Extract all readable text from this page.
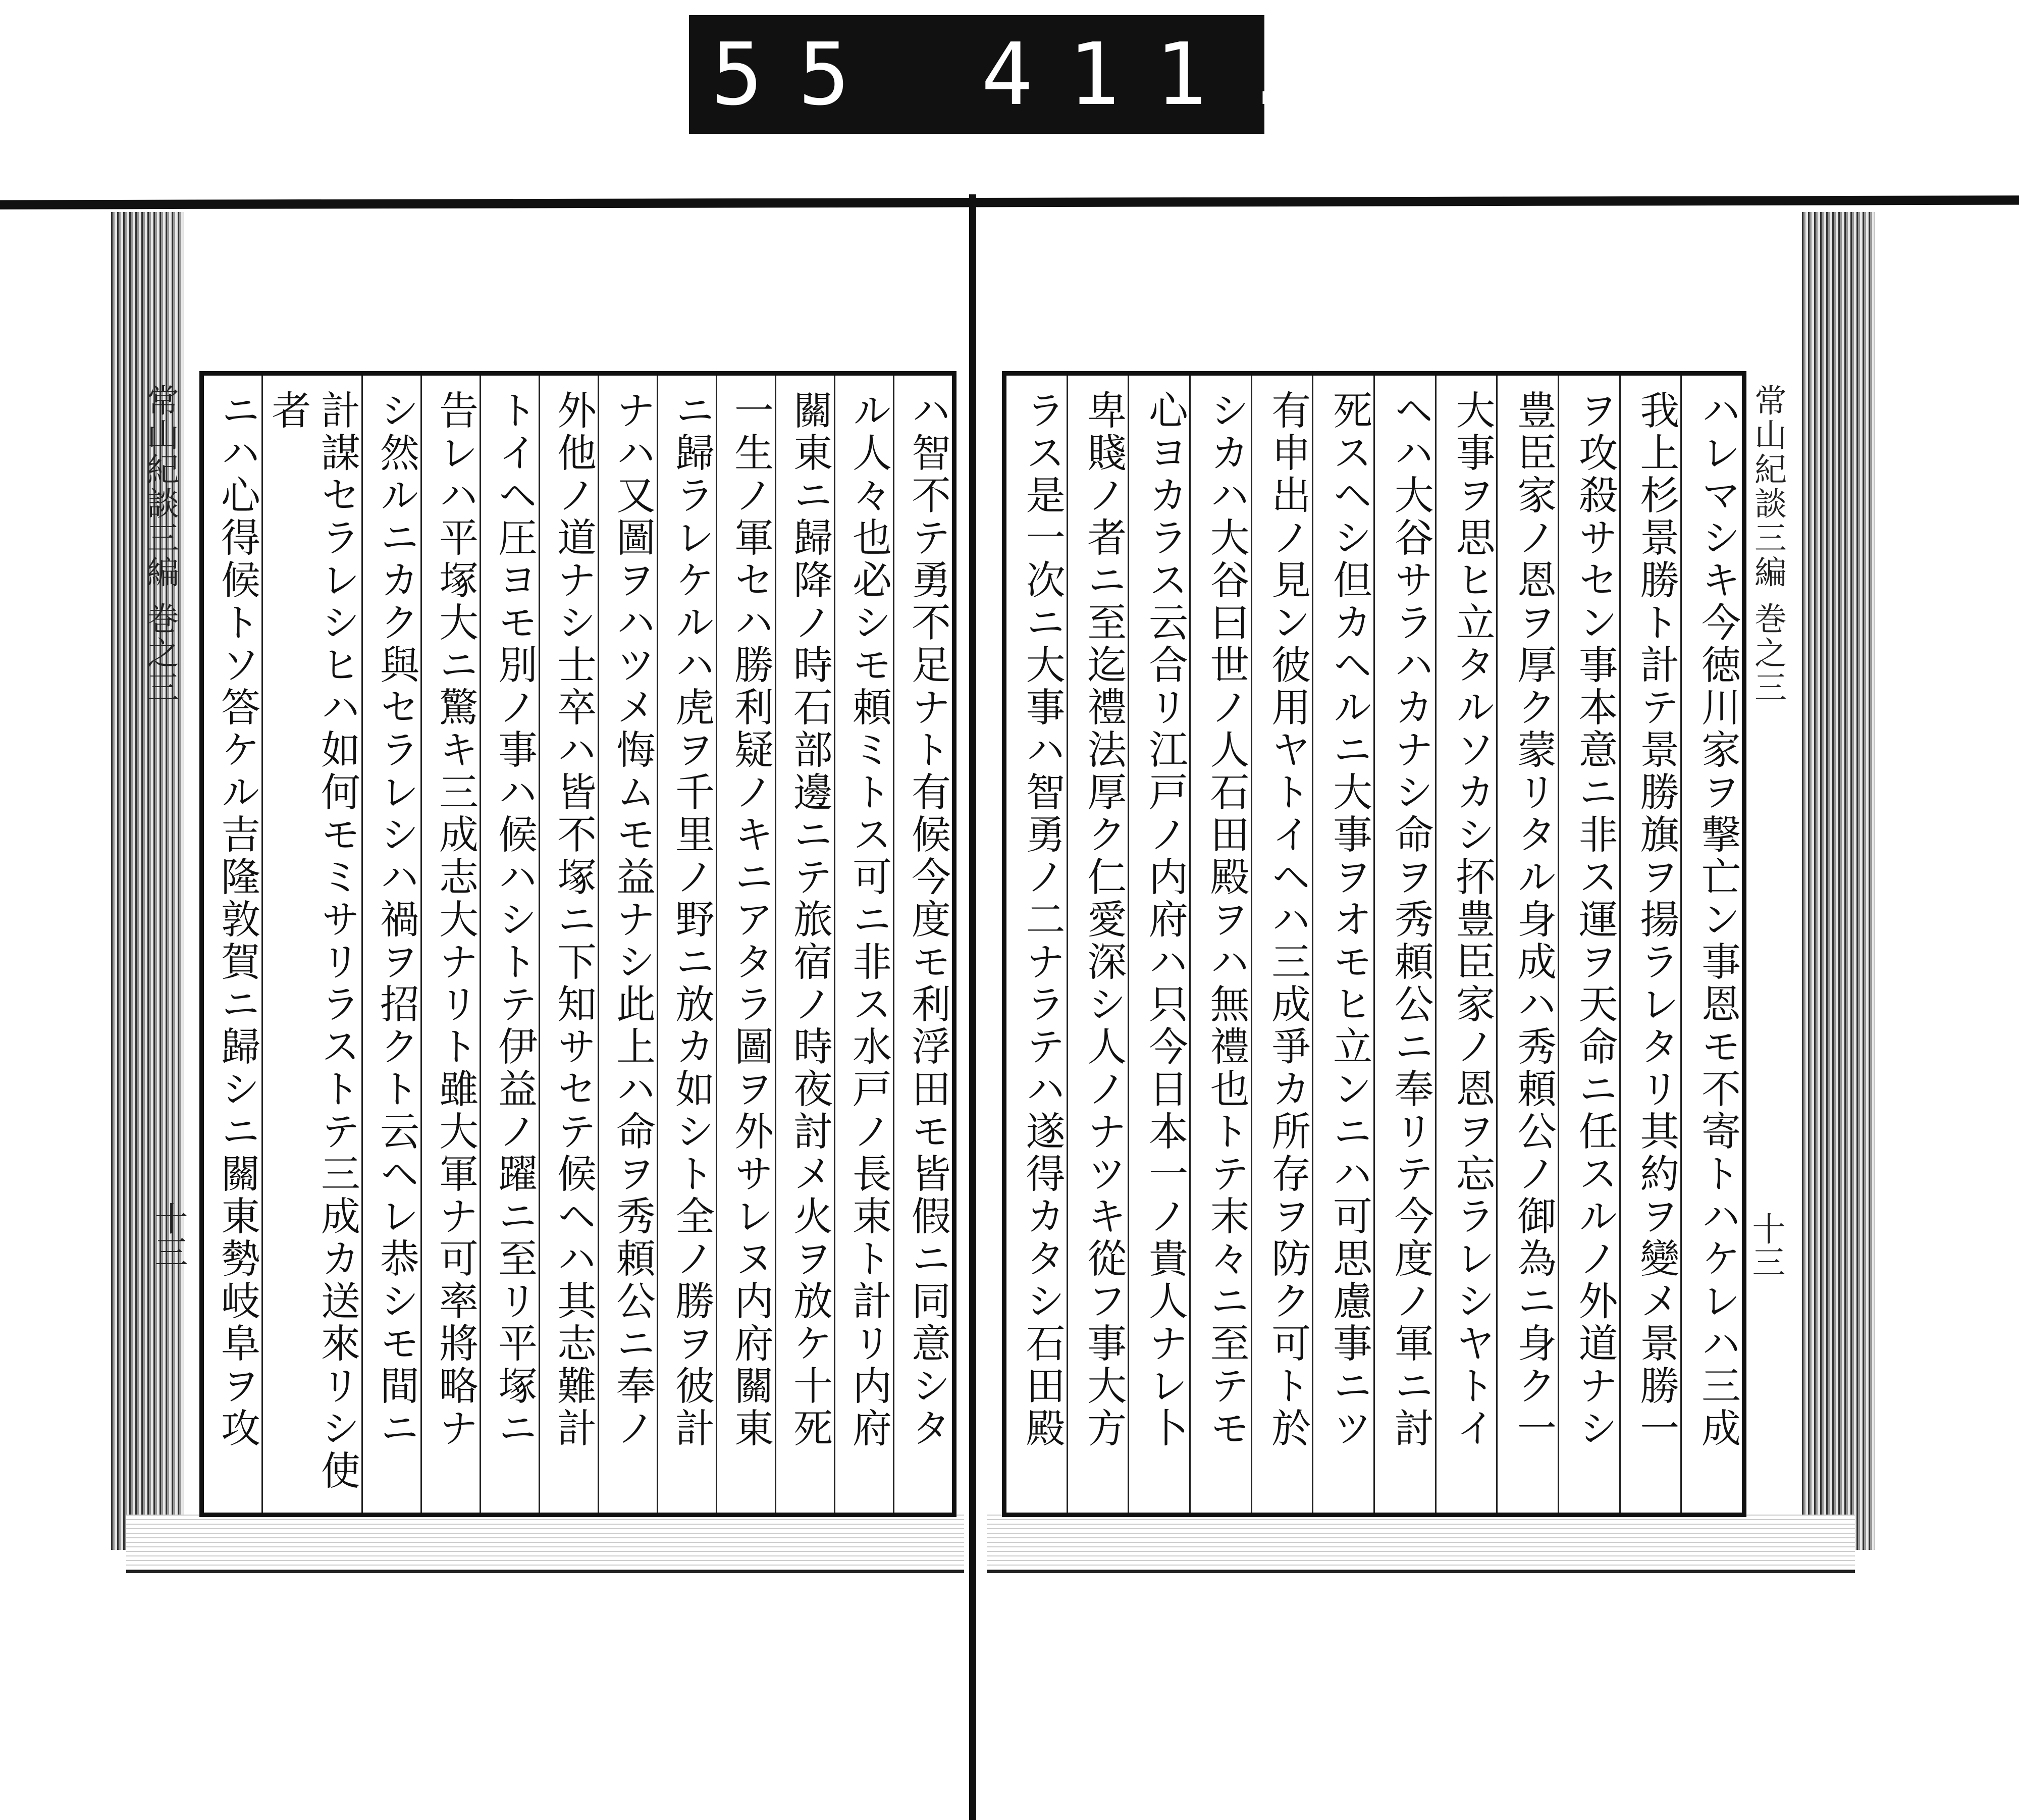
455 411.
常山紀談三編 巻之三
十三
常山紀談三編 巻之三
十三	ハレマシキ今徳川家ヲ撃亡ン事恩モ不寄トハケレハ三成
我上杉景勝ト計テ景勝旗ヲ揚ラレタリ其約ヲ變メ景勝一
ヲ攻殺サセン事本意ニ非ス運ヲ天命ニ任スルノ外道ナシ
豊臣家ノ恩ヲ厚ク蒙リタル身成ハ秀頼公ノ御為ニ身ク一
大事ヲ思ヒ立タルソカシ抔豊臣家ノ恩ヲ忘ラレシヤトイ
ヘハ大谷サラハカナシ命ヲ秀頼公ニ奉リテ今度ノ軍ニ討
死スヘシ但カヘルニ大事ヲオモヒ立ンニハ可思慮事ニツ
有申出ノ見ン彼用ヤトイヘハ三成爭カ所存ヲ防ク可ト於
シカハ大谷曰世ノ人石田殿ヲハ無禮也トテ末々ニ至テモ
心ヨカラス云合リ江戸ノ内府ハ只今日本一ノ貴人ナレ卜
卑賤ノ者ニ至迄禮法厚ク仁愛深シ人ノナツキ從フ事大方
ラス是一次ニ大事ハ智勇ノ二ナラテハ遂得カタシ石田殿
ハ智不テ勇不足ナト有候今度モ利浮田モ皆假ニ同意シタ
ル人々也必シモ頼ミトス可ニ非ス水戸ノ長束ト計リ内府
關東ニ歸降ノ時石部邊ニテ旅宿ノ時夜討メ火ヲ放ケ十死
一生ノ軍セハ勝利疑ノキニアタラ圖ヲ外サレヌ内府關東
ニ歸ラレケルハ虎ヲ千里ノ野ニ放カ如シト全ノ勝ヲ彼計
ナハ又圖ヲハツメ悔ムモ益ナシ此上ハ命ヲ秀頼公ニ奉ノ
外他ノ道ナシ士卒ハ皆不塚ニ下知サセテ候ヘハ其志難計
トイヘ圧ヨモ別ノ事ハ候ハシトテ伊益ノ躍ニ至リ平塚ニ
告レハ平塚大ニ驚キ三成志大ナリト雖大軍ナ可率將略ナ
シ然ルニカク與セラレシハ禍ヲ招クト云ヘレ恭シモ間ニ
計謀セラレシヒハ如何モミサリラストテ三成カ送來リシ使者
ニハ心得候トソ答ケル吉隆敦賀ニ歸シニ關東勢岐阜ヲ攻
